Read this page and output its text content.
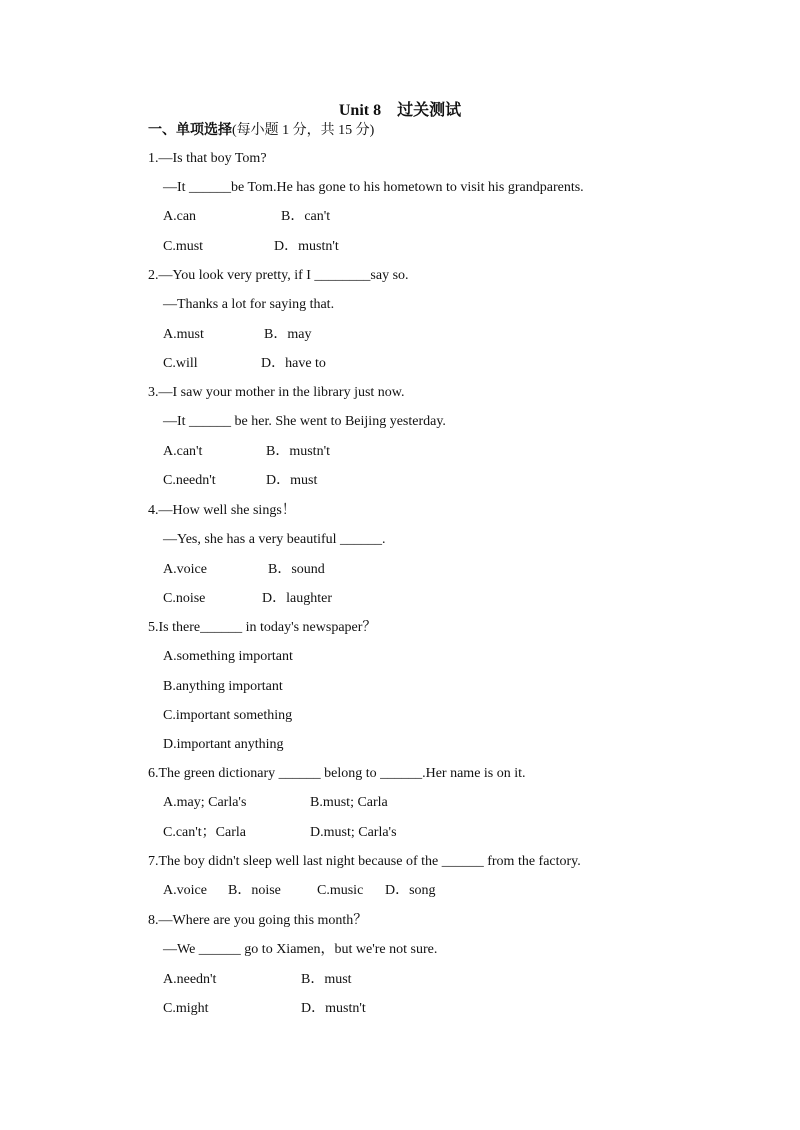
Unit 8　过关测试
一、单项选择(每小题 1 分，共 15 分)
1.—Is that boy Tom?
—It ______be Tom.He has gone to his hometown to visit his grandparents.
A.can	B．can't
C.must	D．mustn't
2.—You look very pretty, if I ________say so.
—Thanks a lot for saying that.
A.must	B．may
C.will	D．have to
3.—I saw your mother in the library just now.
—It ______ be her. She went to Beijing yesterday.
A.can't	B．mustn't
C.needn't	D．must
4.—How well she sings！
—Yes, she has a very beautiful ______.
A.voice	B．sound
C.noise	D．laughter
5.Is there______ in today's newspaper？
A.something important
B.anything important
C.important something
D.important anything
6.The green dictionary ______ belong to ______.Her name is on it.
A.may; Carla's	B.must; Carla
C.can't；Carla	D.must; Carla's
7.The boy didn't sleep well last night because of the ______ from the factory.
A.voice B．noise	C.music D．song
8.—Where are you going this month？
—We ______ go to Xiamen，but we're not sure.
A.needn't	B．must
C.might	D．mustn't
